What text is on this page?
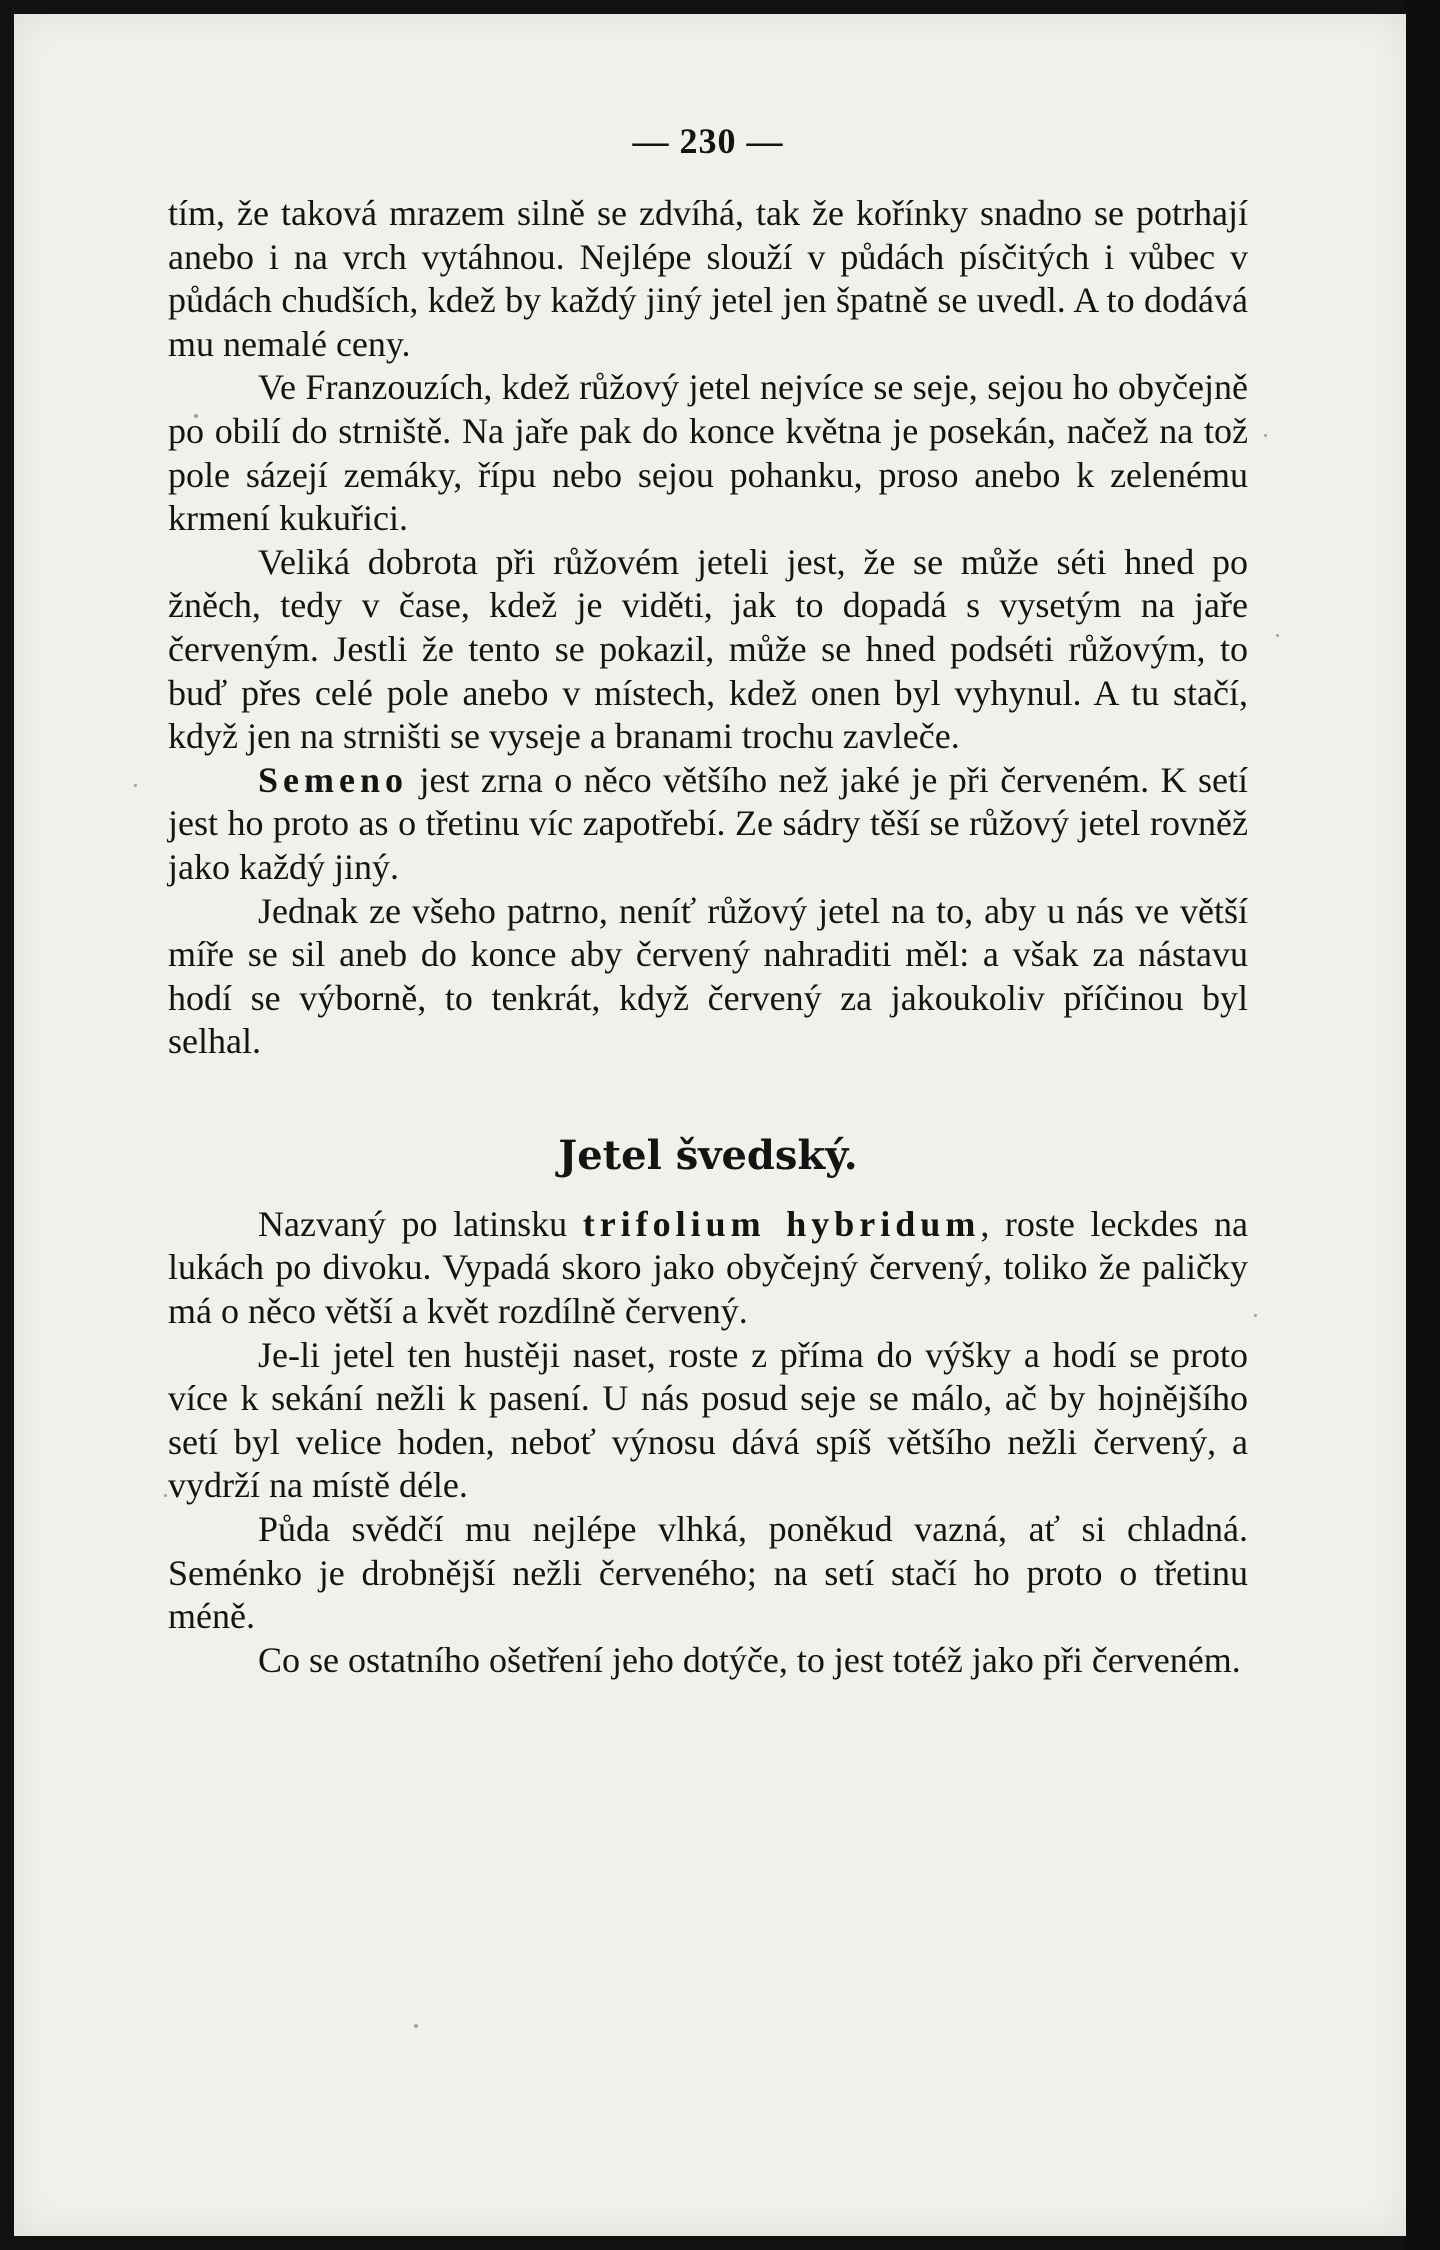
— 230 —

tím, že taková mrazem silně se zdvíhá, tak že kořínky snadno se potrhají anebo i na vrch vytáhnou. Nejlépe slouží v půdách písčitých i vůbec v půdách chudších, kdež by každý jiný jetel jen špatně se uvedl. A to dodává mu nemalé ceny.

Ve Franzouzích, kdež růžový jetel nejvíce se seje, sejou ho obyčejně po obilí do strniště. Na jaře pak do konce května je posekán, načež na tož pole sázejí zemáky, řípu nebo sejou pohanku, proso anebo k zelenému krmení kukuřici.

Veliká dobrota při růžovém jeteli jest, že se může séti hned po žněch, tedy v čase, kdež je viděti, jak to dopadá s vysetým na jaře červeným. Jestli že tento se pokazil, může se hned podséti růžovým, to buď přes celé pole anebo v místech, kdež onen byl vyhynul. A tu stačí, když jen na strništi se vyseje a branami trochu zavleče.

Semeno jest zrna o něco většího než jaké je při červeném. K setí jest ho proto as o třetinu víc zapotřebí. Ze sádry těší se růžový jetel rovněž jako každý jiný.

Jednak ze všeho patrno, neníť růžový jetel na to, aby u nás ve větší míře se sil aneb do konce aby červený nahraditi měl: a však za nástavu hodí se výborně, to tenkrát, když červený za jakoukoliv příčinou byl selhal.

Jetel švedský.

Nazvaný po latinsku trifolium hybridum, roste leckdes na lukách po divoku. Vypadá skoro jako obyčejný červený, toliko že paličky má o něco větší a květ rozdílně červený.

Je-li jetel ten hustěji naset, roste z příma do výšky a hodí se proto více k sekání nežli k pasení. U nás posud seje se málo, ač by hojnějšího setí byl velice hoden, neboť výnosu dává spíš většího nežli červený, a vydrží na místě déle.

Půda svědčí mu nejlépe vlhká, poněkud vazná, ať si chladná. Seménko je drobnější nežli červeného; na setí stačí ho proto o třetinu méně.

Co se ostatního ošetření jeho dotýče, to jest totéž jako při červeném.
